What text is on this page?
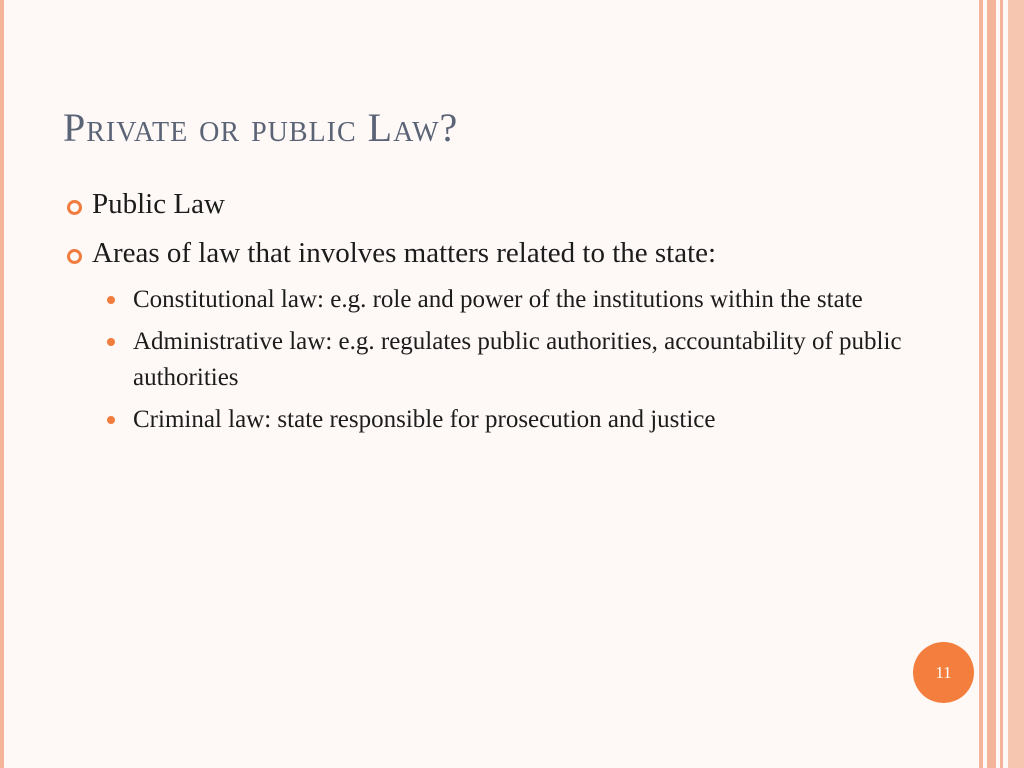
Private or public Law?
Public Law
Areas of law that involves matters related to the state:
Constitutional law: e.g. role and power of the institutions within the state
Administrative law: e.g. regulates public authorities, accountability of public authorities
Criminal law: state responsible for prosecution and justice
11
